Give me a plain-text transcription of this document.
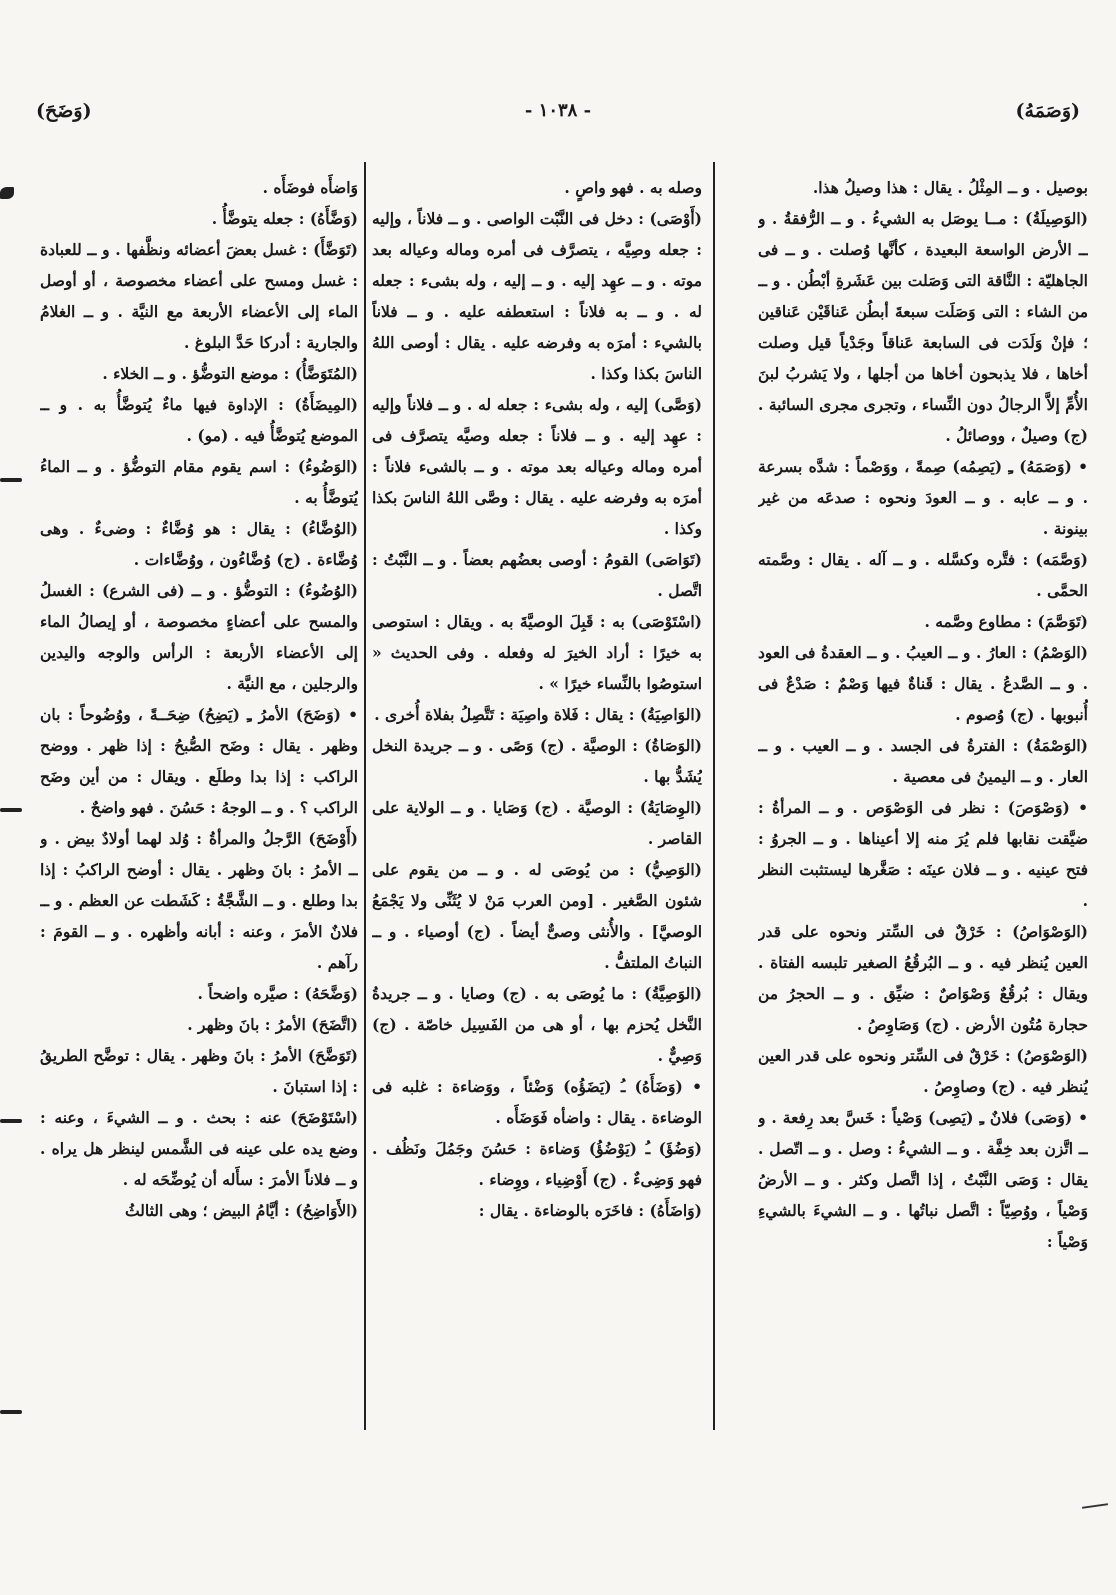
(وَضَحَ)	- ١٠٣٨ -	(وَصَمَهُ)

بوصيل . و ــ المِثْلُ . يقال : هذا وصيلُ هذا.

(الوَصِيلَةُ) : مــا يوصَل به الشيءُ . و ــ الرُّفقةُ . و ــ الأرض الواسعة البعيدة ، كأنَّها وُصلت . و ــ فى الجاهليّة : النَّاقة التى وَصَلت بين عَشَرةِ أبْطُن . و ــ من الشاء : التى وَصَلَت سبعةَ أبطُن عَناقَيْن عَناقين ؛ فإنْ وَلَدَت فى السابعة عَناقاً وجَدْياً قيل وصلت أخاها ، فلا يذبحون أخاها من أجلها ، ولا يَشربُ لبنَ الأُمِّ إلاَّ الرجالُ دون النِّساء ، وتجرى مجرى السائبة . (ج) وصيلٌ ، ووصائلُ .

• (وَصَمَهُ) ـِ (يَصِمُه) صِمةً ، ووَصْماً : شدَّه بسرعة . و ــ عابه . و ــ العودَ ونحوه : صدعَه من غير بينونة .

(وَصَّمَه) : فتَّره وكسَّله . و ــ آله . يقال : وصَّمته الحمَّى .

(تَوَصَّمَ) : مطاوع وصَّمه .

(الوَصْمُ) : العارُ . و ــ العيبُ . و ــ العقدةُ فى العود . و ــ الصَّدعُ . يقال : قَناةٌ فيها وَصْمٌ : صَدْعٌ فى أُنبوبها . (ج) وُصوم .

(الوَصْمَةُ) : الفترةُ فى الجسد . و ــ العيب . و ــ العار . و ــ اليمينُ فى معصية .

• (وَصْوَصَ) : نظر فى الوَصْوَص . و ــ المرأةُ : ضيَّقت نقابها فلم يُرَ منه إلا أعيناها . و ــ الجروُ : فتح عينيه . و ــ فلان عينَه : صَغَّرها ليستثبت النظر .

(الوَصْوَاصُ) : خَرْقٌ فى السِّتر ونحوه على قدر العين يُنظر فيه . و ــ البُرقُعُ الصغير تلبسه الفتاة . ويقال : بُرقُعٌ وَصْوَاصٌ : ضيِّق . و ــ الحجرُ من حجارة مُتُون الأرض . (ج) وَصَاوِصُ .

(الوَصْوَصُ) : خَرْقٌ فى السِّتر ونحوه على قدر العين يُنظر فيه . (ج) وصاوِصُ .

• (وَصَى) فلانٌ ـِ (يَصِى) وَصْياً : خَسَّ بعد رِفعة . و ــ اتَّزن بعد خِفَّة . و ــ الشيءُ : وصل . و ــ اتّصل . يقال : وَصَى النَّبْتُ ، إذا اتَّصل وكثر . و ــ الأرضُ وَصْياً ، ووُصِيّاً : اتَّصل نباتُها . و ــ الشيءَ بالشيءِ وَصْياً :

وصله به . فهو واصٍ .

(أَوْصَى) : دخل فى النَّبْت الواصى . و ــ فلاناً ، وإليه : جعله وصِيَّه ، يتصرَّف فى أمره وماله وعياله بعد موته . و ــ عهِد إليه . و ــ إليه ، وله بشىء : جعله له . و ــ به فلاناً : استعطفه عليه . و ــ فلاناً بالشيء : أمرَه به وفرضه عليه . يقال : أوصى اللهُ الناسَ بكذا وكذا .

(وَصَّى) إليه ، وله بشىء : جعله له . و ــ فلاناً وإليه : عهِد إليه . و ــ فلاناً : جعله وصيَّه يتصرَّف فى أمره وماله وعياله بعد موته . و ــ بالشىء فلاناً : أمرَه به وفرضه عليه . يقال : وصَّى اللهُ الناسَ بكذا وكذا .

(تَوَاصَى) القومُ : أوصى بعضُهم بعضاً . و ــ النَّبْتُ : اتَّصل .

(اسْتَوْصَى) به : قَبِلَ الوصيَّةَ به . ويقال : استوصى به خيرًا : أراد الخيرَ له وفعله . وفى الحديث « استوصُوا بالنِّساء خيرًا » .

(الوَاصِيَةُ) : يقال : فَلاة واصِيَة : تَتَّصِلُ بفلاة أُخرى .

(الوَصَاةُ) : الوصيَّة . (ج) وَصًى . و ــ جريدة النخل يُشَدُّ بها .

(الوِصَايَةُ) : الوصيَّة . (ج) وَصَايا . و ــ الولاية على القاصر .

(الوَصِيُّ) : من يُوصَى له . و ــ من يقوم على شئون الصَّغير . [ومن العرب مَنْ لا يُثَنِّى ولا يَجْمَعُ الوصيَّ] . والأُنثى وصىٌّ أيضاً . (ج) أوصياء . و ــ النباتُ الملتفُّ .

(الوَصِيَّةُ) : ما يُوصَى به . (ج) وصايا . و ــ جريدةُ النَّخل يُحزم بها ، أو هى من الفَسِيل خاصّة . (ج) وَصِيٌّ .

• (وَضَأَهُ) ـُ (يَضَؤُه) وَضْئاً ، ووَضاءة : غلبه فى الوضاءة . يقال : واضأه فَوَضَأَه .

(وَضُؤَ) ـُ (يَوْضُؤُ) وَضاءة : حَسُنَ وجَمُلَ ونَظُف . فهو وَضِىءٌ . (ج) أَوْضِياء ، ووِضاء .

(وَاضَأَهُ) : فاخَرَه بالوضاءة . يقال :

وَاضأَه فوضَأَه .

(وَضَّأَهُ) : جعله يتوضَّأُ .

(تَوَضَّأَ) : غسل بعضَ أعضائه ونظَّفها . و ــ للعبادة : غسل ومسح على أعضاء مخصوصة ، أو أوصل الماء إلى الأعضاء الأربعة مع النيَّة . و ــ الغلامُ والجارية : أدركا حَدَّ البلوغ .

(المُتَوَضَّأُ) : موضع التوضُّؤ . و ــ الخلاء .

(المِيضَأَةُ) : الإداوة فيها ماءٌ يُتوضَّأُ به . و ــ الموضع يُتوضَّأُ فيه . (مو) .

(الوَضُوءُ) : اسم يقوم مقام التوضُّؤ . و ــ الماءُ يُتوضَّأُ به .

(الوُضَّاءُ) : يقال : هو وُضَّاءٌ : وضىءٌ . وهى وُضَّاءة . (ج) وُضَّاءُون ، ووُضَّاءات .

(الوُضُوءُ) : التوضُّؤ . و ــ (فى الشرع) : الغسلُ والمسح على أعضاءٍ مخصوصة ، أو إيصالُ الماء إلى الأعضاء الأربعة : الرأس والوجه واليدين والرجلين ، مع النيَّة .

• (وَضَحَ) الأمرُ ـِ (يَضِحُ) ضِحَــةً ، ووُضُوحاً : بان وظهر . يقال : وضَح الصُّبحُ : إذا ظهر . ووضح الراكب : إذا بدا وطلَع . ويقال : من أين وضَح الراكب ؟ . و ــ الوجهُ : حَسُنَ . فهو واضحٌ .

(أَوْضَحَ) الرَّجلُ والمرأةُ : وُلد لهما أولادٌ بيض . و ــ الأمرُ : بانَ وظهر . يقال : أوضح الراكبُ : إذا بدا وطلع . و ــ الشَّجَّةُ : كَشَطت عن العظم . و ــ فلانٌ الأمرَ ، وعنه : أبانه وأظهره . و ــ القومَ : رآهم .

(وَضَّحَهُ) : صيَّره واضحاً .

(اتَّضَحَ) الأمرُ : بانَ وظهر .

(تَوَضَّحَ) الأمرُ : بانَ وظهر . يقال : توضَّح الطريقُ : إذا استبانَ .

(اسْتَوْضَحَ) عنه : بحث . و ــ الشيءَ ، وعنه : وضع يده على عينه فى الشَّمس لينظر هل يراه . و ــ فلاناً الأمرَ : سأَله أن يُوضِّحَه له .

(الأَوَاضِحُ) : أيَّامُ البيض ؛ وهى الثالثُ
